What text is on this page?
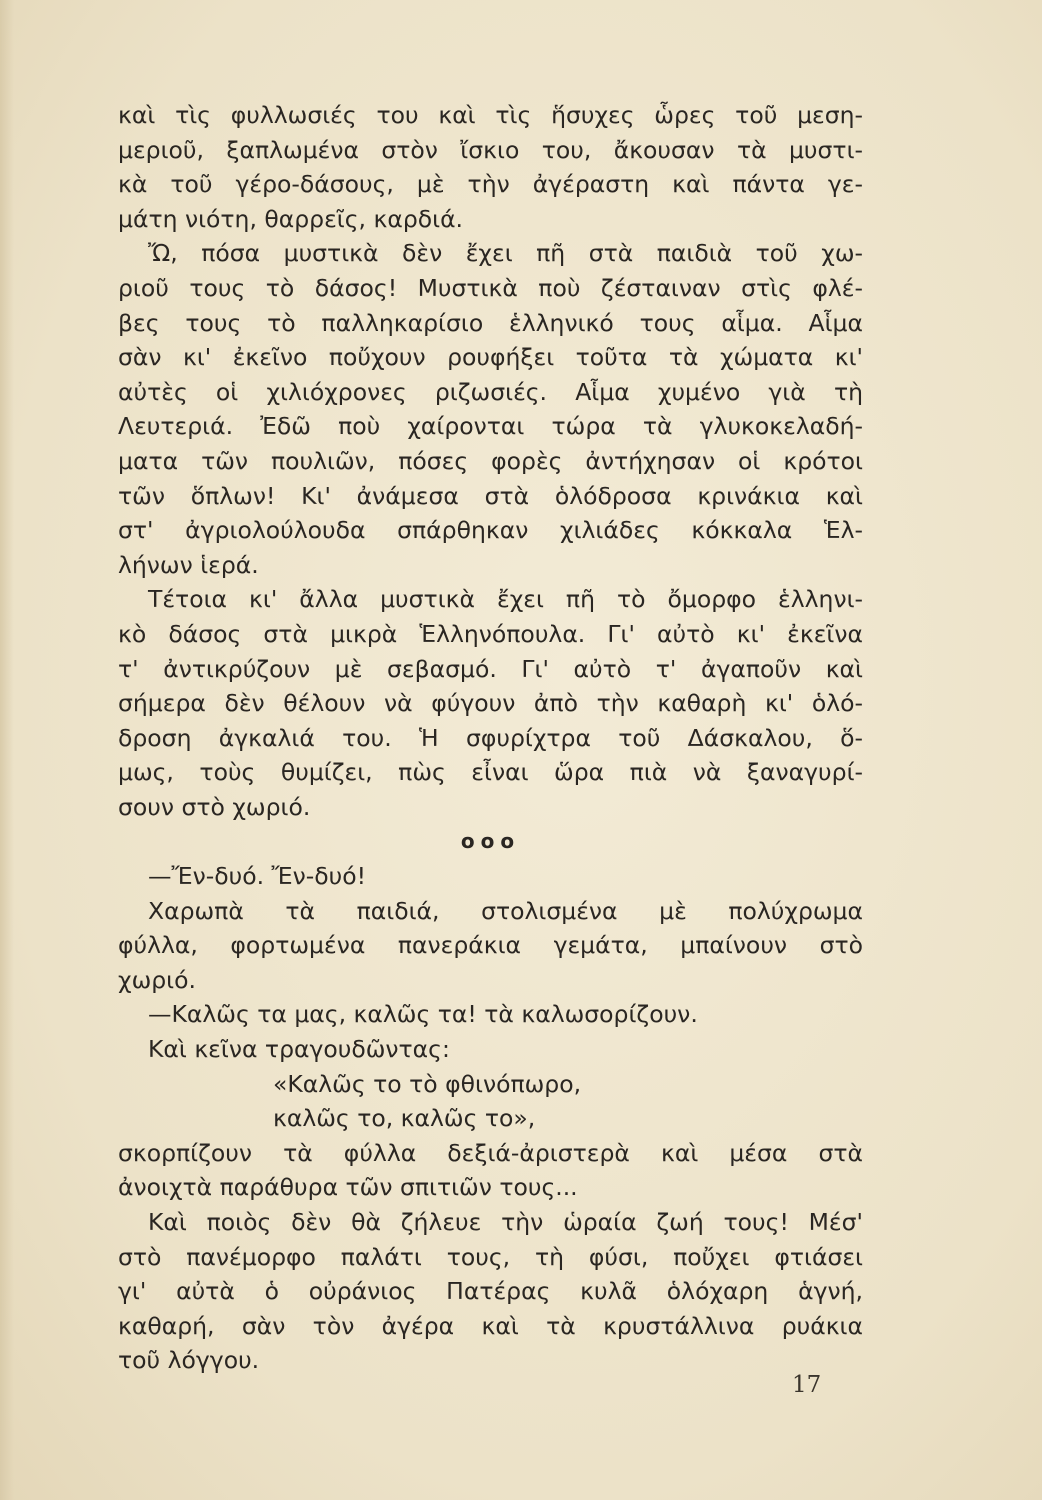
καὶ τὶς φυλλωσιές του καὶ τὶς ἥσυχες ὧρες τοῦ μεση-
μεριοῦ, ξαπλωμένα στὸν ἴσκιο του, ἄκουσαν τὰ μυστι-
κὰ τοῦ γέρο-δάσους, μὲ τὴν ἀγέραστη καὶ πάντα γε-
μάτη νιότη, θαρρεῖς, καρδιά.
Ὤ, πόσα μυστικὰ δὲν ἔχει πῆ στὰ παιδιὰ τοῦ χω-
ριοῦ τους τὸ δάσος! Μυστικὰ ποὺ ζέσταιναν στὶς φλέ-
βες τους τὸ παλληκαρίσιο ἑλληνικό τους αἷμα. Αἷμα
σὰν κι' ἐκεῖνο ποὔχουν ρουφήξει τοῦτα τὰ χώματα κι'
αὐτὲς οἱ χιλιόχρονες ριζωσιές. Αἷμα χυμένο γιὰ τὴ
Λευτεριά. Ἐδῶ ποὺ χαίρονται τώρα τὰ γλυκοκελαδή-
ματα τῶν πουλιῶν, πόσες φορὲς ἀντήχησαν οἱ κρότοι
τῶν ὅπλων! Κι' ἀνάμεσα στὰ ὁλόδροσα κρινάκια καὶ
στ' ἀγριολούλουδα σπάρθηκαν χιλιάδες κόκκαλα Ἑλ-
λήνων ἱερά.
Τέτοια κι' ἄλλα μυστικὰ ἔχει πῆ τὸ ὄμορφο ἑλληνι-
κὸ δάσος στὰ μικρὰ Ἑλληνόπουλα. Γι' αὐτὸ κι' ἐκεῖνα
τ' ἀντικρύζουν μὲ σεβασμό. Γι' αὐτὸ τ' ἀγαποῦν καὶ
σήμερα δὲν θέλουν νὰ φύγουν ἀπὸ τὴν καθαρὴ κι' ὁλό-
δροση ἀγκαλιά του. Ἡ σφυρίχτρα τοῦ Δάσκαλου, ὅ-
μως, τοὺς θυμίζει, πὼς εἶναι ὥρα πιὰ νὰ ξαναγυρί-
σουν στὸ χωριό.
ooo
—Ἔν-δυό. Ἔν-δυό!
Χαρωπὰ τὰ παιδιά, στολισμένα μὲ πολύχρωμα
φύλλα, φορτωμένα πανεράκια γεμάτα, μπαίνουν στὸ
χωριό.
—Καλῶς τα μας, καλῶς τα! τὰ καλωσορίζουν.
Καὶ κεῖνα τραγουδῶντας:
«Καλῶς το τὸ φθινόπωρο,
καλῶς το, καλῶς το»,
σκορπίζουν τὰ φύλλα δεξιά-ἀριστερὰ καὶ μέσα στὰ
ἀνοιχτὰ παράθυρα τῶν σπιτιῶν τους...
Καὶ ποιὸς δὲν θὰ ζήλευε τὴν ὡραία ζωή τους! Μέσ'
στὸ πανέμορφο παλάτι τους, τὴ φύσι, ποὔχει φτιάσει
γι' αὐτὰ ὁ οὐράνιος Πατέρας κυλᾶ ὁλόχαρη ἁγνή,
καθαρή, σὰν τὸν ἀγέρα καὶ τὰ κρυστάλλινα ρυάκια
τοῦ λόγγου.
17
